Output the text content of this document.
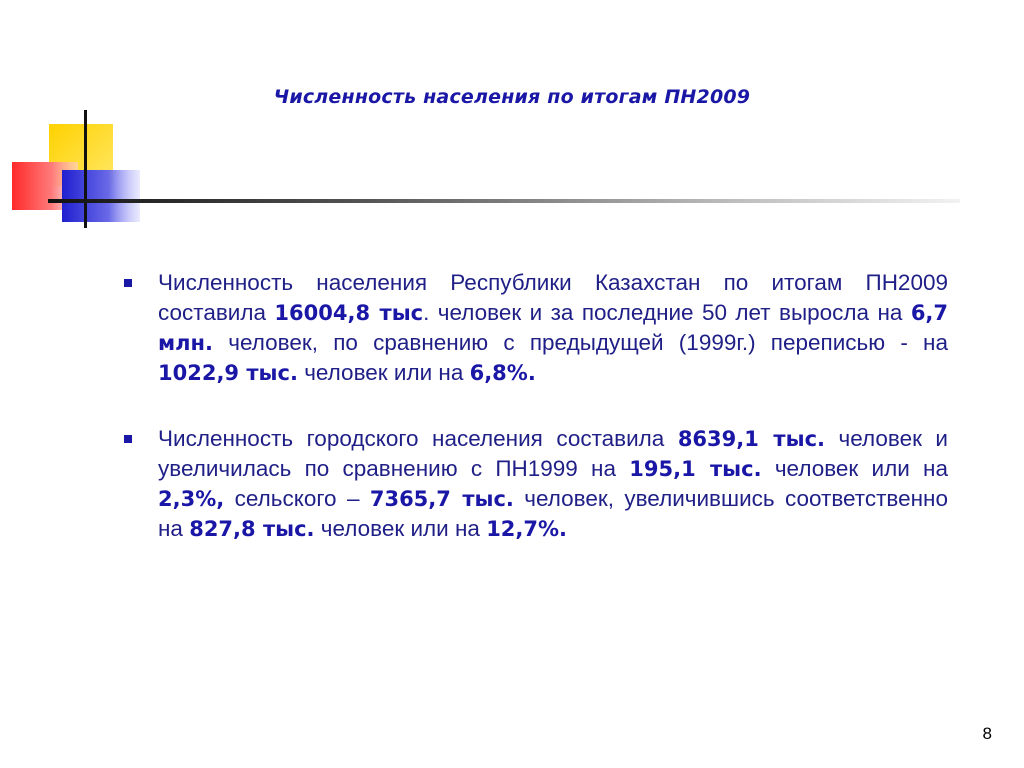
Численность населения по итогам ПН2009

Численность населения Республики Казахстан по итогам ПН2009 составила 16004,8 тыс. человек и за последние 50 лет выросла на 6,7 млн. человек, по сравнению с предыдущей (1999г.) переписью - на 1022,9 тыс. человек или на 6,8%.

Численность городского населения составила 8639,1 тыс. человек и увеличилась по сравнению с ПН1999 на 195,1 тыс. человек или на 2,3%, сельского – 7365,7 тыс. человек, увеличившись соответственно на 827,8 тыс. человек или на 12,7%.

8
